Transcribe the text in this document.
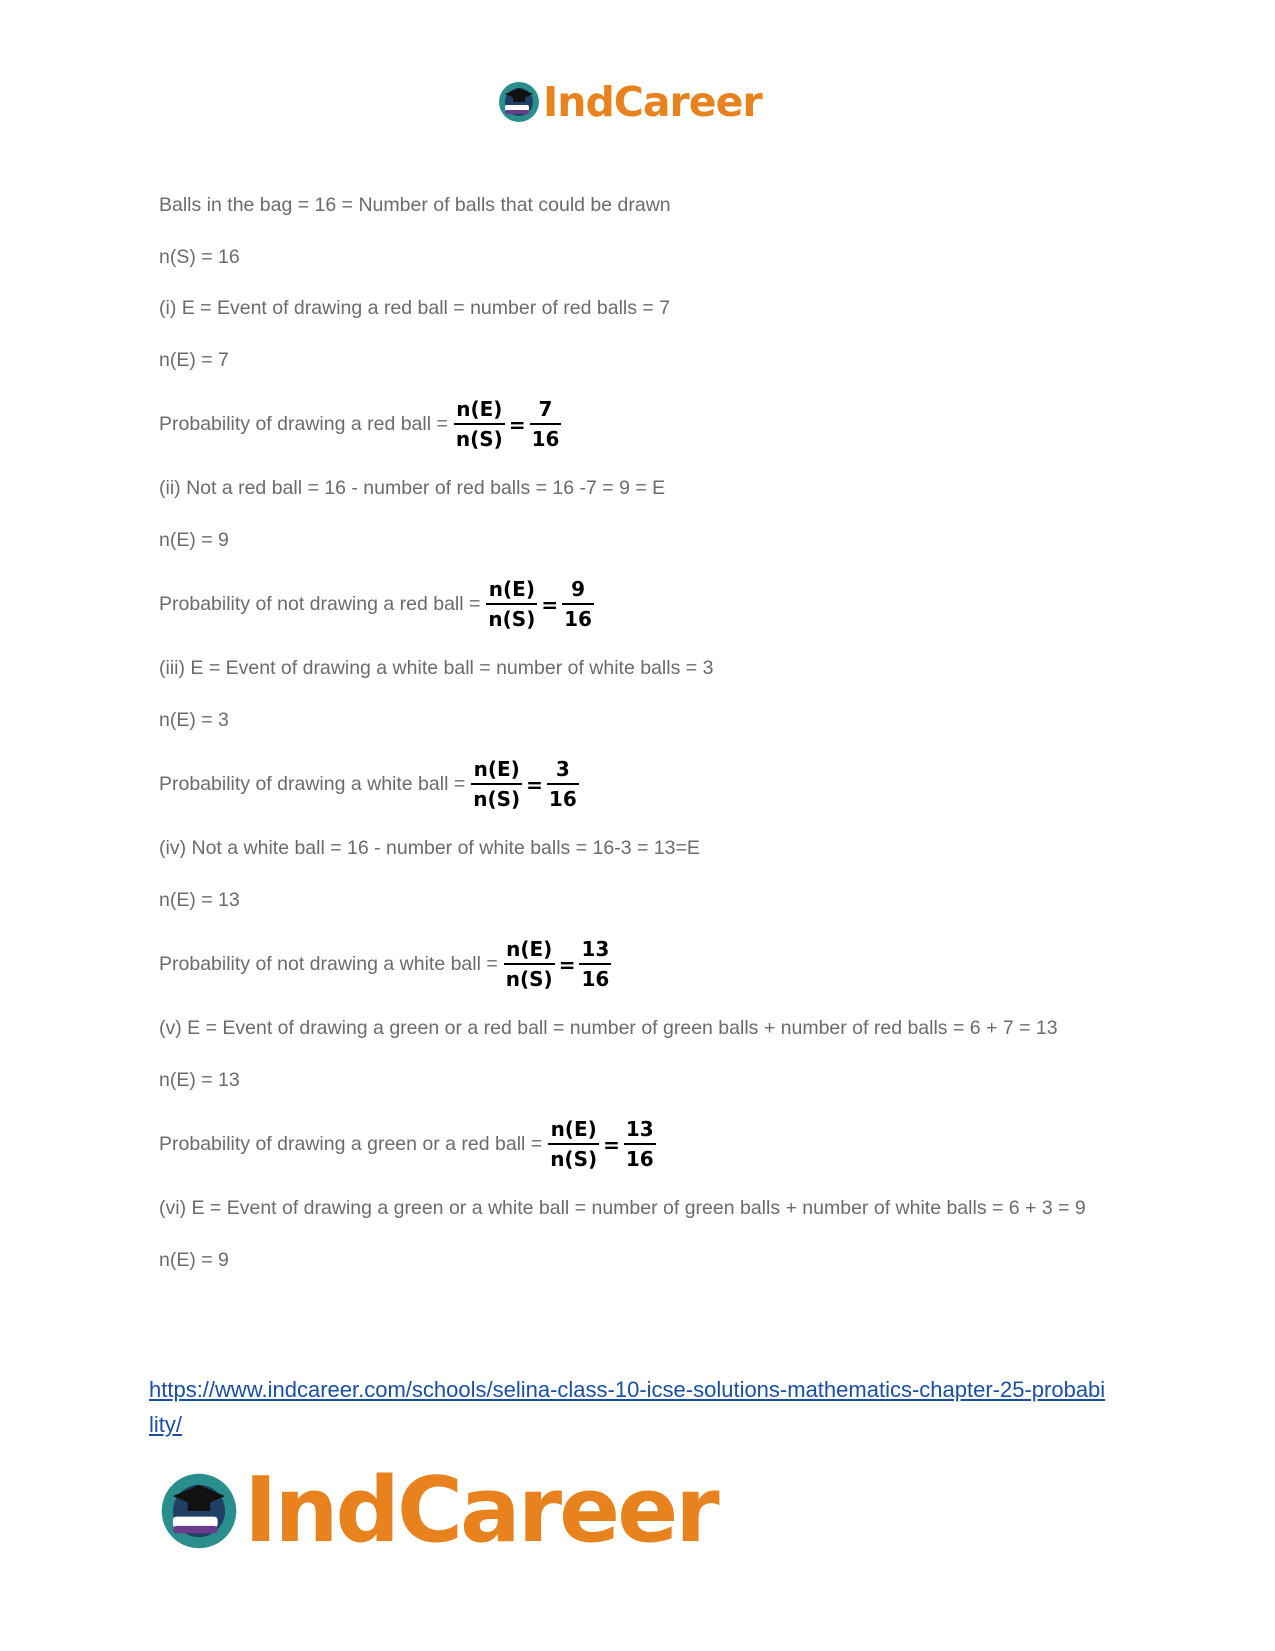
IndCareer
Balls in the bag = 16 = Number of balls that could be drawn
n(S) = 16
(i) E = Event of drawing a red ball = number of red balls = 7
n(E) = 7
Probability of drawing a red ball = $\frac{n(E)}{n(S)} = \frac{7}{16}$
(ii) Not a red ball = 16 - number of red balls = 16 -7 = 9 = E
n(E) = 9
Probability of not drawing a red ball = $\frac{n(E)}{n(S)} = \frac{9}{16}$
(iii) E = Event of drawing a white ball = number of white balls = 3
n(E) = 3
Probability of drawing a white ball = $\frac{n(E)}{n(S)} = \frac{3}{16}$
(iv) Not a white ball = 16 - number of white balls = 16-3 = 13=E
n(E) = 13
Probability of not drawing a white ball = $\frac{n(E)}{n(S)} = \frac{13}{16}$
(v) E = Event of drawing a green or a red ball = number of green balls + number of red balls = 6 + 7 = 13
n(E) = 13
Probability of drawing a green or a red ball = $\frac{n(E)}{n(S)} = \frac{13}{16}$
(vi) E = Event of drawing a green or a white ball = number of green balls + number of white balls = 6 + 3 = 9
n(E) = 9
https://www.indcareer.com/schools/selina-class-10-icse-solutions-mathematics-chapter-25-probability/
IndCareer
